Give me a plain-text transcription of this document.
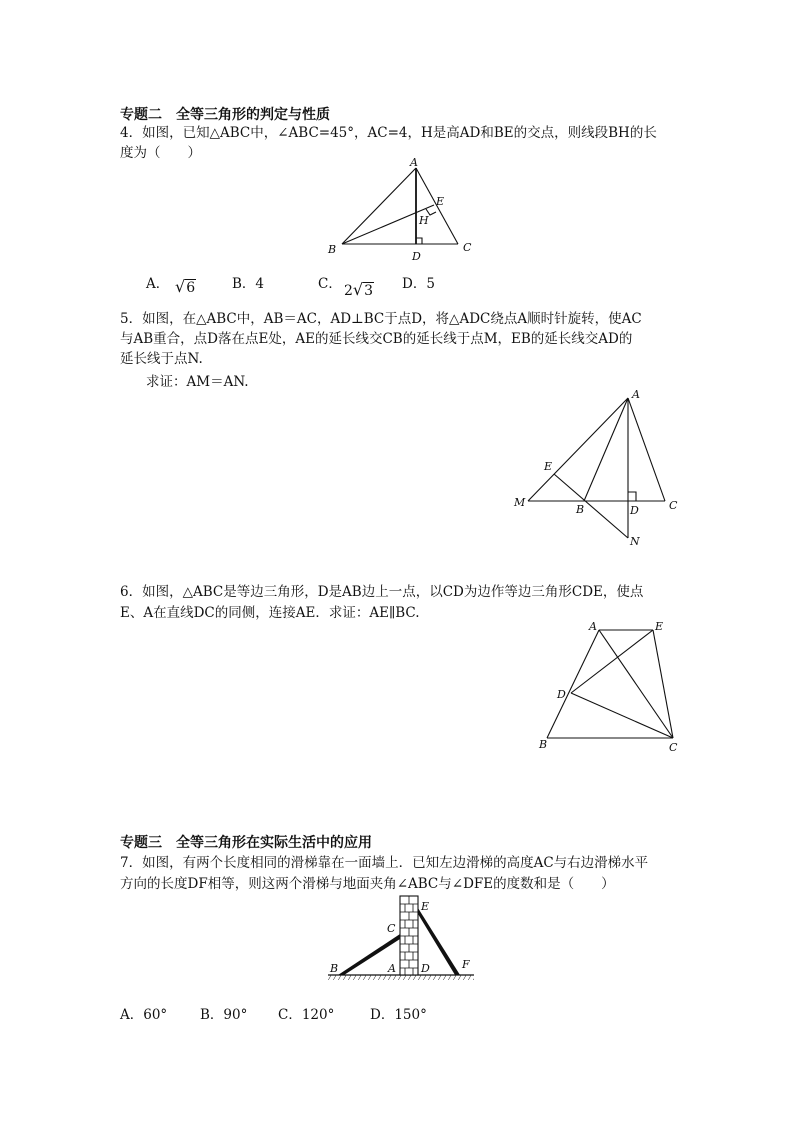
专题二　全等三角形的判定与性质
4．如图，已知△ABC中，∠ABC=45°，AC=4，H是高AD和BE的交点，则线段BH的长
度为（　　）
A
E
H
B	C
D
A． √6	B．4	C． 2√3 D．5
5．如图，在△ABC中，AB＝AC，AD⊥BC于点D，将△ADC绕点A顺时针旋转，使AC
与AB重合，点D落在点E处，AE的延长线交CB的延长线于点M，EB的延长线交AD的
延长线于点N.
求证：AM＝AN.
A
E
M
B	D	C
N
6．如图，△ABC是等边三角形，D是AB边上一点，以CD为边作等边三角形CDE，使点
E、A在直线DC的同侧，连接AE．求证：AE∥BC.
A	E
D
B	C
专题三　全等三角形在实际生活中的应用
7．如图，有两个长度相同的滑梯靠在一面墙上．已知左边滑梯的高度AC与右边滑梯水平
方向的长度DF相等，则这两个滑梯与地面夹角∠ABC与∠DFE的度数和是（　　）
E
C
B	A D	F
A．60° B．90° C．120°	D．150°
